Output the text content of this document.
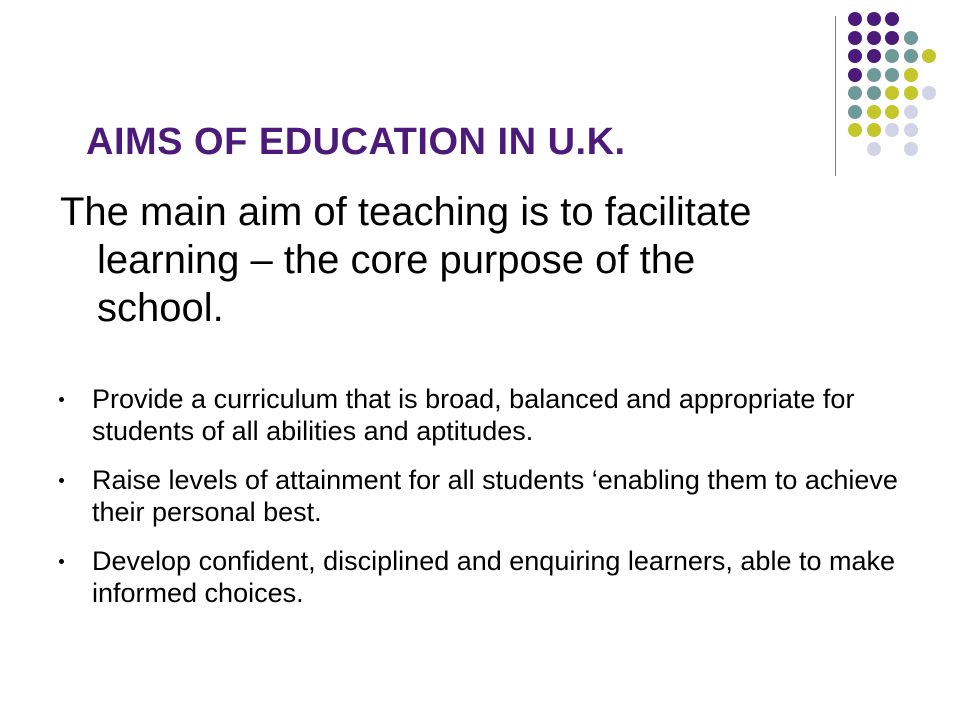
AIMS OF EDUCATION IN U.K.

The main aim of teaching is to facilitate learning – the core purpose of the school.

Provide a curriculum that is broad, balanced and appropriate for students of all abilities and aptitudes.
Raise levels of attainment for all students ‘enabling them to achieve their personal best.
Develop confident, disciplined and enquiring learners, able to make informed choices.
